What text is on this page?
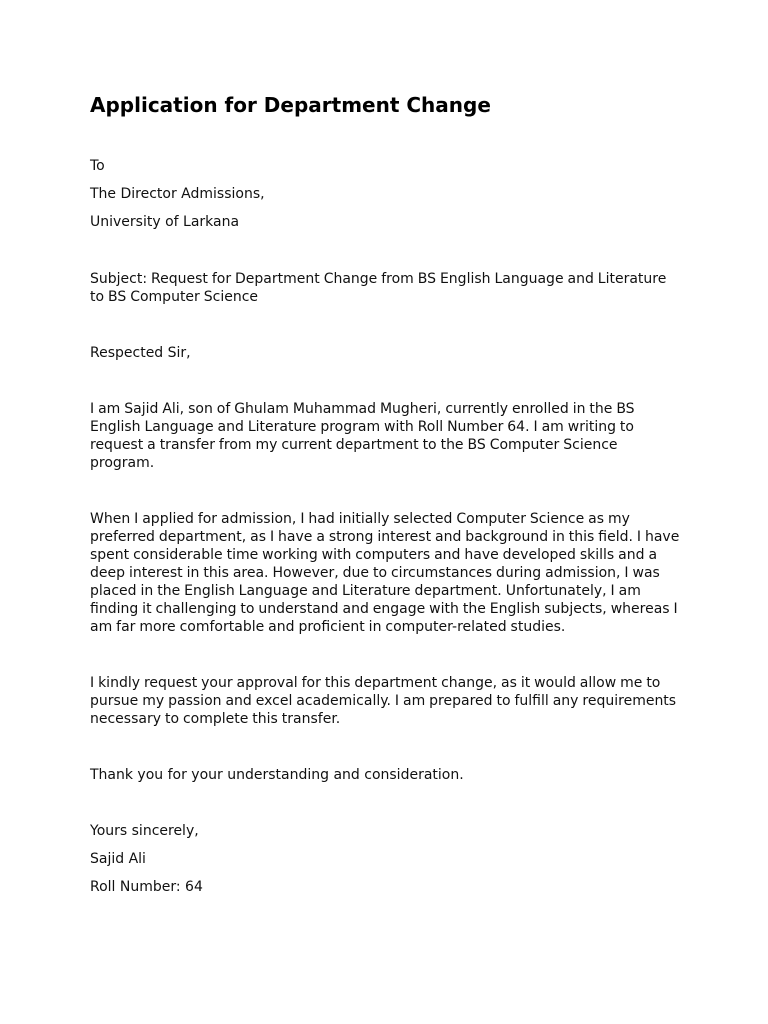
Application for Department Change

To

The Director Admissions,

University of Larkana

Subject: Request for Department Change from BS English Language and Literature to BS Computer Science

Respected Sir,

I am Sajid Ali, son of Ghulam Muhammad Mugheri, currently enrolled in the BS English Language and Literature program with Roll Number 64. I am writing to request a transfer from my current department to the BS Computer Science program.

When I applied for admission, I had initially selected Computer Science as my preferred department, as I have a strong interest and background in this field. I have spent considerable time working with computers and have developed skills and a deep interest in this area. However, due to circumstances during admission, I was placed in the English Language and Literature department. Unfortunately, I am finding it challenging to understand and engage with the English subjects, whereas I am far more comfortable and proficient in computer-related studies.

I kindly request your approval for this department change, as it would allow me to pursue my passion and excel academically. I am prepared to fulfill any requirements necessary to complete this transfer.

Thank you for your understanding and consideration.

Yours sincerely,

Sajid Ali

Roll Number: 64
